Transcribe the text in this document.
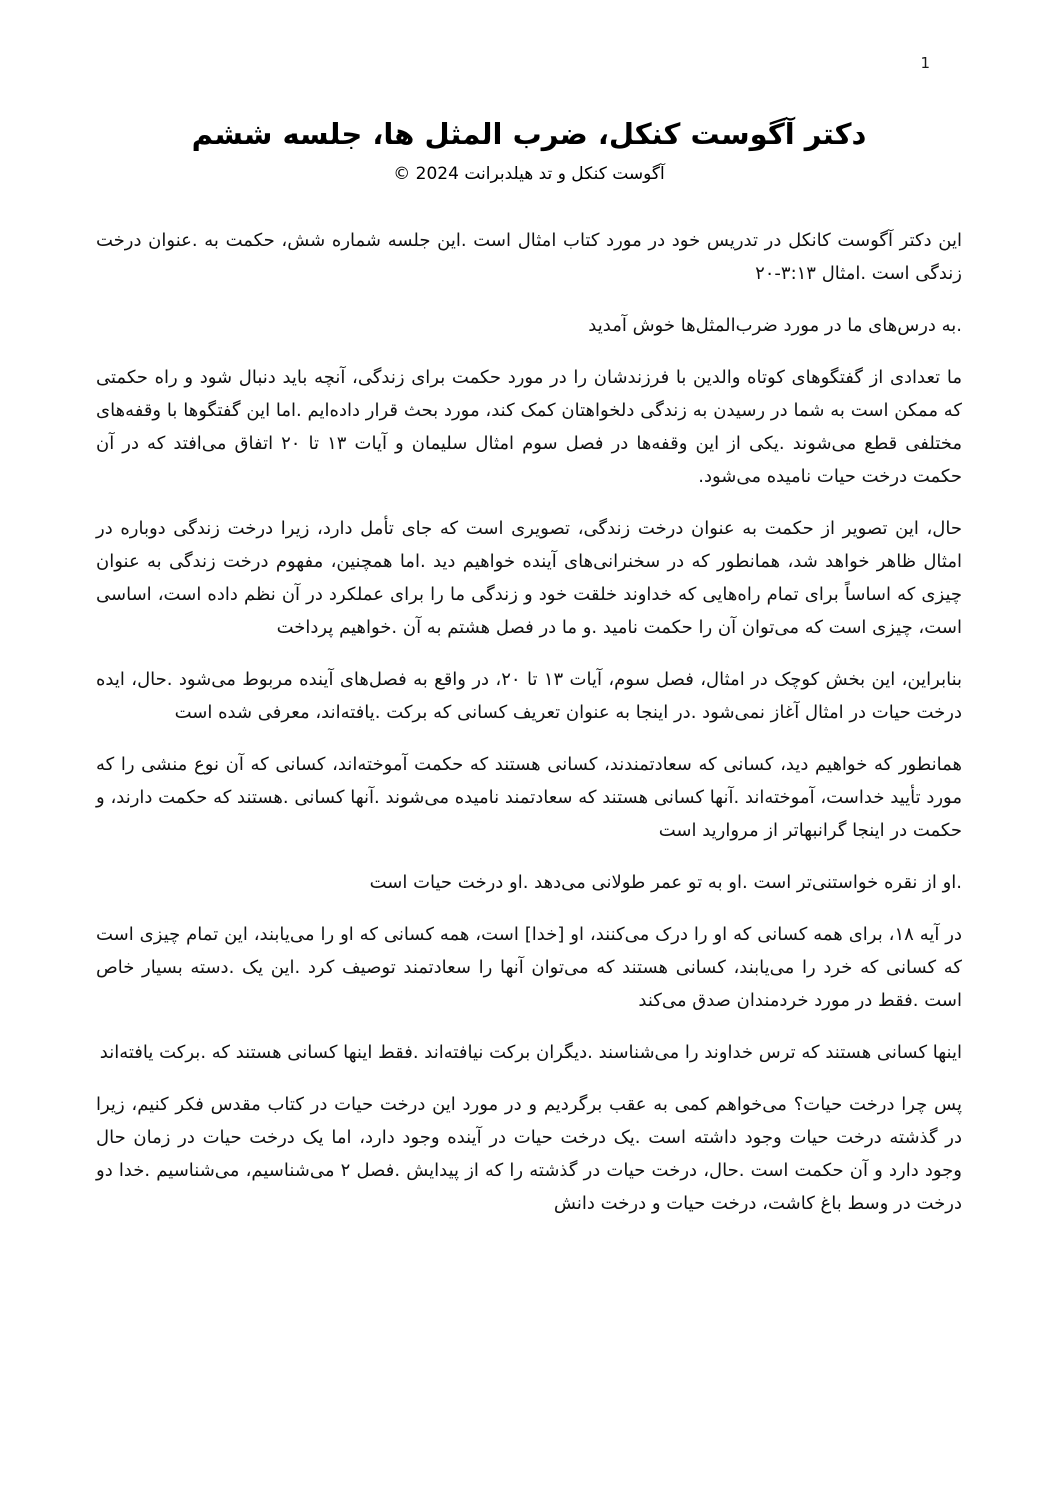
1
دکتر آگوست کنکل، ضرب المثل ها، جلسه ششم
آگوست کنکل و تد هیلدبرانت 2024 ©

این دکتر آگوست کانکل در تدریس خود در مورد کتاب امثال است .این جلسه شماره شش، حکمت به .عنوان درخت زندگی است .امثال ۳:۱۳-۲۰

.به درس‌های ما در مورد ضرب‌المثل‌ها خوش آمدید

ما تعدادی از گفتگوهای کوتاه والدین با فرزندشان را در مورد حکمت برای زندگی، آنچه باید دنبال شود و راه حکمتی که ممکن است به شما در رسیدن به زندگی دلخواهتان کمک کند، مورد بحث قرار داده‌ایم .اما این گفتگوها با وقفه‌های مختلفی قطع می‌شوند .یکی از این وقفه‌ها در فصل سوم امثال سلیمان و آیات ۱۳ تا ۲۰ اتفاق می‌افتد که در آن حکمت درخت حیات نامیده می‌شود.

حال، این تصویر از حکمت به عنوان درخت زندگی، تصویری است که جای تأمل دارد، زیرا درخت زندگی دوباره در امثال ظاهر خواهد شد، همانطور که در سخنرانی‌های آینده خواهیم دید .اما همچنین، مفهوم درخت زندگی به عنوان چیزی که اساساً برای تمام راه‌هایی که خداوند خلقت خود و زندگی ما را برای عملکرد در آن نظم داده است، اساسی است، چیزی است که می‌توان آن را حکمت نامید .و ما در فصل هشتم به آن .خواهیم پرداخت

بنابراین، این بخش کوچک در امثال، فصل سوم، آیات ۱۳ تا ۲۰، در واقع به فصل‌های آینده مربوط می‌شود .حال، ایده درخت حیات در امثال آغاز نمی‌شود .در اینجا به عنوان تعریف کسانی که برکت .یافته‌اند، معرفی شده است

همانطور که خواهیم دید، کسانی که سعادتمندند، کسانی هستند که حکمت آموخته‌اند، کسانی که آن نوع منشی را که مورد تأیید خداست، آموخته‌اند .آنها کسانی هستند که سعادتمند نامیده می‌شوند .آنها کسانی .هستند که حکمت دارند، و حکمت در اینجا گرانبهاتر از مروارید است

.او از نقره خواستنی‌تر است .او به تو عمر طولانی می‌دهد .او درخت حیات است

در آیه ۱۸، برای همه کسانی که او را درک می‌کنند، او [خدا] است، همه کسانی که او را می‌یابند، این تمام چیزی است که کسانی که خرد را می‌یابند، کسانی هستند که می‌توان آنها را سعادتمند توصیف کرد .این یک .دسته بسیار خاص است .فقط در مورد خردمندان صدق می‌کند

اینها کسانی هستند که ترس خداوند را می‌شناسند .دیگران برکت نیافته‌اند .فقط اینها کسانی هستند که .برکت یافته‌اند

پس چرا درخت حیات؟ می‌خواهم کمی به عقب برگردیم و در مورد این درخت حیات در کتاب مقدس فکر کنیم، زیرا در گذشته درخت حیات وجود داشته است .یک درخت حیات در آینده وجود دارد، اما یک درخت حیات در زمان حال وجود دارد و آن حکمت است .حال، درخت حیات در گذشته را که از پیدایش .فصل ۲ می‌شناسیم، می‌شناسیم .خدا دو درخت در وسط باغ کاشت، درخت حیات و درخت دانش
